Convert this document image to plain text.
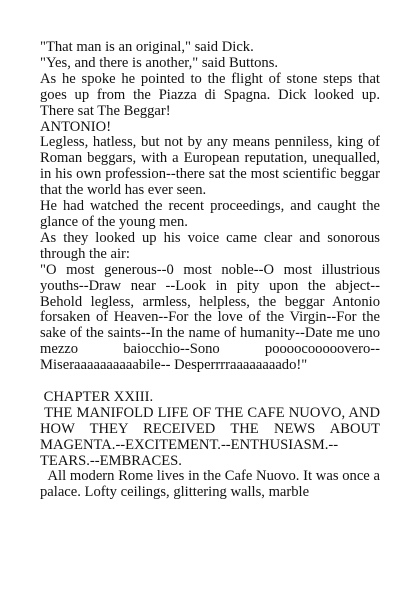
"That man is an original," said Dick.

"Yes, and there is another," said Buttons.

As he spoke he pointed to the flight of stone steps that goes up from the Piazza di Spagna. Dick looked up. There sat The Beggar!

ANTONIO!

Legless, hatless, but not by any means penniless, king of Roman beggars, with a European reputation, unequalled, in his own profession--there sat the most scientific beggar that the world has ever seen.

He had watched the recent proceedings, and caught the glance of the young men.

As they looked up his voice came clear and sonorous through the air:

"O most generous--0 most noble--O most illustrious youths--Draw near --Look in pity upon the abject--Behold legless, armless, helpless, the beggar Antonio forsaken of Heaven--For the love of the Virgin--For the sake of the saints--In the name of humanity--Date me uno mezzo baiocchio--Sono poooocooooovero--Miseraaaaaaaaaabile-- Desperrrraaaaaaaado!"

CHAPTER XXIII.

THE MANIFOLD LIFE OF THE CAFE NUOVO, AND HOW THEY RECEIVED THE NEWS ABOUT MAGENTA.--EXCITEMENT.--ENTHUSIASM.--TEARS.--EMBRACES.

All modern Rome lives in the Cafe Nuovo. It was once a palace. Lofty ceilings, glittering walls, marble
